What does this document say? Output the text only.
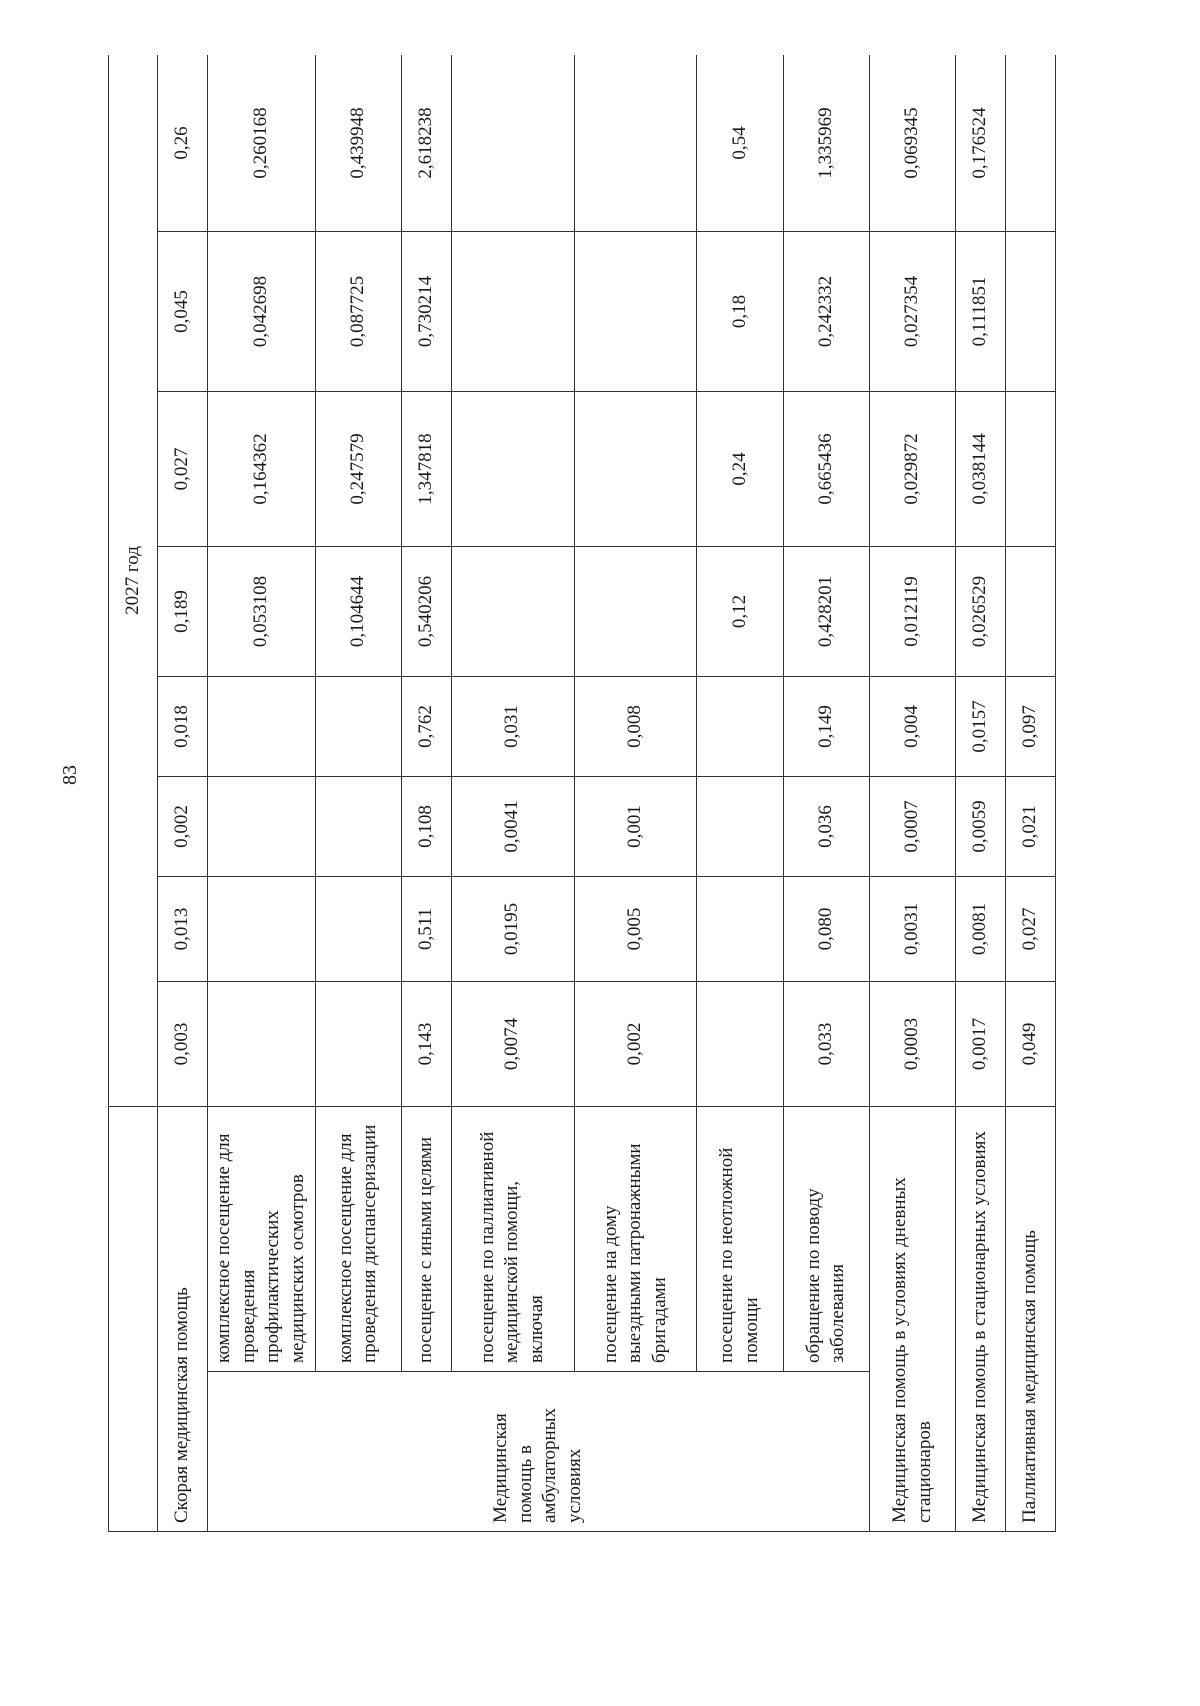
83
		2027 год							
Скорая медицинская помощь		0,003	0,013	0,002	0,018	0,189	0,027	0,045	0,26
Медицинская помощь в амбулаторных условиях	комплексное посещение для проведения профилактических медицинских осмотров					0,053108	0,164362	0,042698	0,260168
	комплексное посещение для проведения диспансеризации					0,104644	0,247579	0,087725	0,439948
	посещение с иными целями	0,143	0,511	0,108	0,762	0,540206	1,347818	0,730214	2,618238
	посещение по паллиативной медицинской помощи, включая	0,0074	0,0195	0,0041	0,031				
	посещение на дому выездными патронажными бригадами	0,002	0,005	0,001	0,008				
	посещение по неотложной помощи					0,12	0,24	0,18	0,54
	обращение по поводу заболевания	0,033	0,080	0,036	0,149	0,428201	0,665436	0,242332	1,335969
Медицинская помощь в условиях дневных стационаров		0,0003	0,0031	0,0007	0,004	0,012119	0,029872	0,027354	0,069345
Медицинская помощь в стационарных условиях		0,0017	0,0081	0,0059	0,0157	0,026529	0,038144	0,111851	0,176524
Паллиативная медицинская помощь		0,049	0,027	0,021	0,097				
